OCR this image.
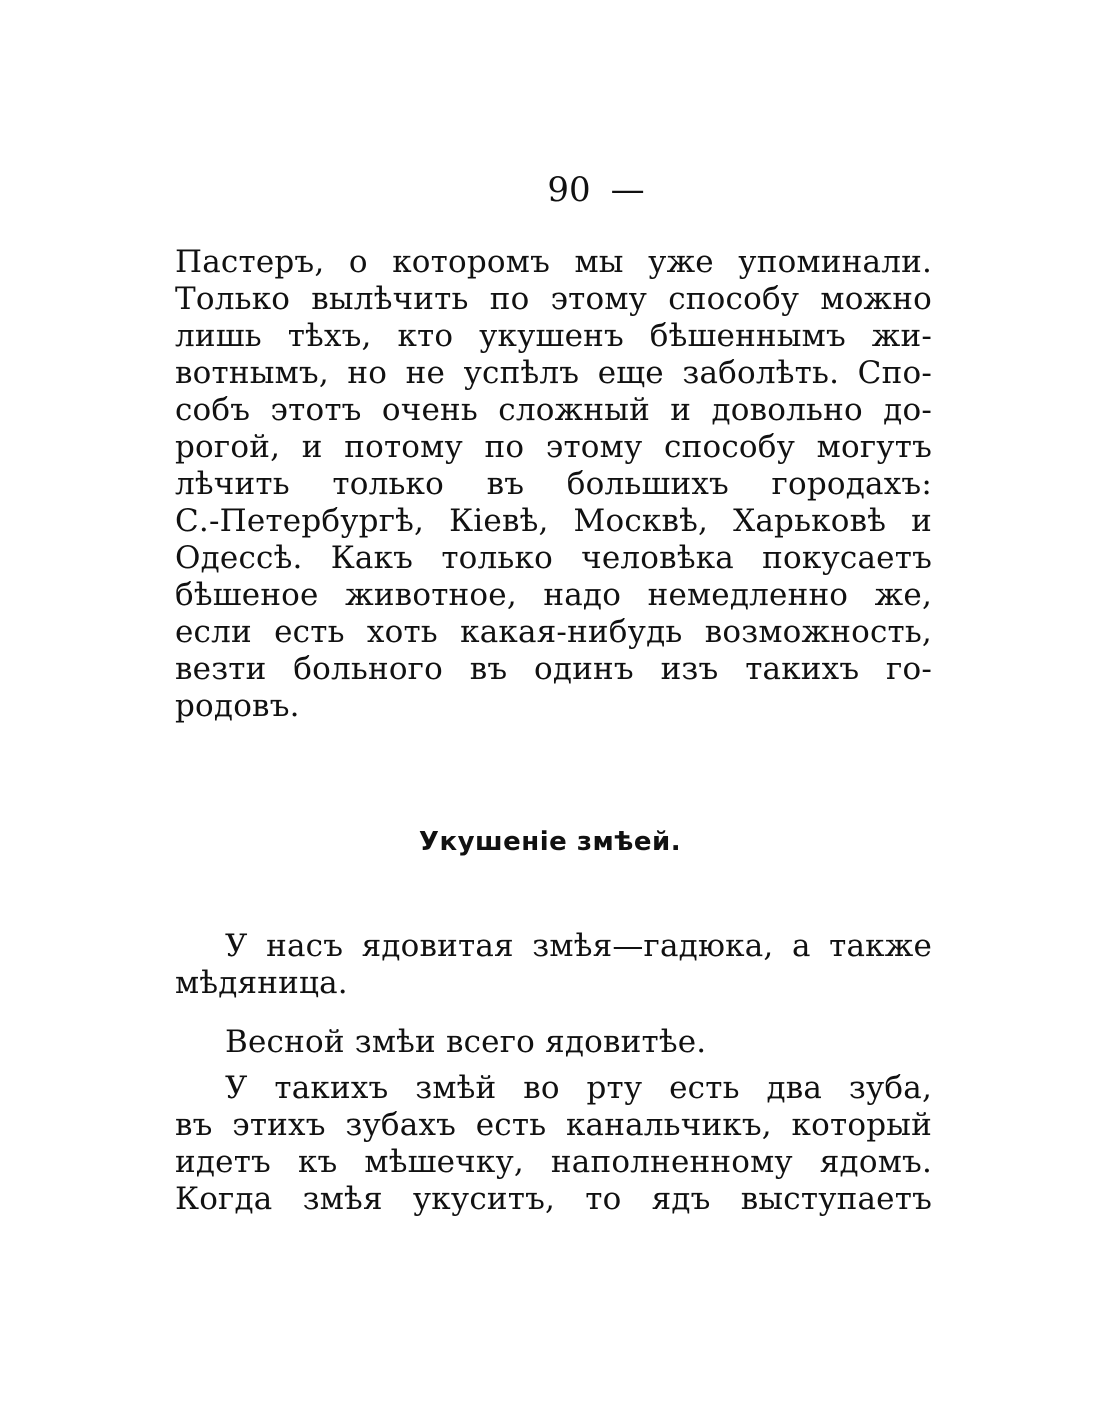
90 —
Пастеръ, о которомъ мы уже упоминали.
Только вылѣчить по этому способу можно
лишь тѣхъ, кто укушенъ бѣшеннымъ жи-
вотнымъ, но не успѣлъ еще заболѣть. Спо-
собъ этотъ очень сложный и довольно до-
рогой, и потому по этому способу могутъ
лѣчить только въ большихъ городахъ:
С.-Петербургѣ, Кіевѣ, Москвѣ, Харьковѣ и
Одессѣ. Какъ только человѣка покусаетъ
бѣшеное животное, надо немедленно же,
если есть хоть какая-нибудь возможность,
везти больного въ одинъ изъ такихъ го-
родовъ.
Укушеніе змѣей.
У насъ ядовитая змѣя—гадюка, а также
мѣдяница.
Весной змѣи всего ядовитѣе.
У такихъ змѣй во рту есть два зуба,
въ этихъ зубахъ есть канальчикъ, который
идетъ къ мѣшечку, наполненному ядомъ.
Когда змѣя укуситъ, то ядъ выступаетъ
